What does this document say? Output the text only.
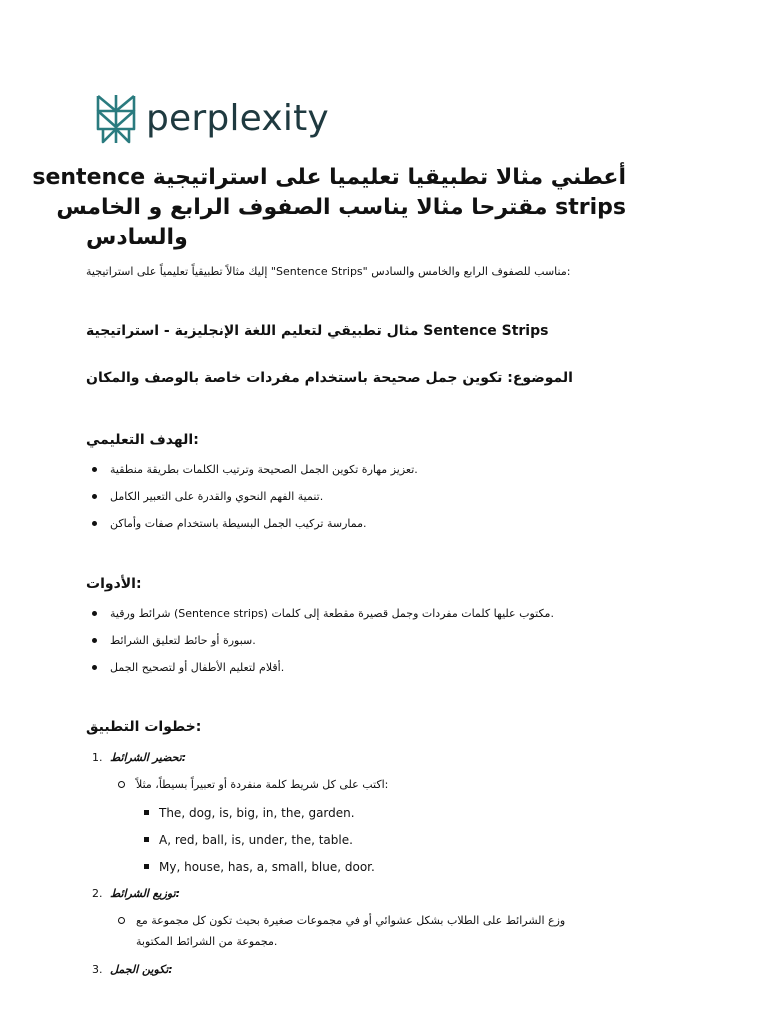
perplexity
أعطني مثالا تطبيقيا تعليميا على استراتيجية sentence
strips مقترحا مثالا يناسب الصفوف الرابع و الخامس
والسادس
إليك مثالاً تطبيقياً تعليمياً على استراتيجية "Sentence Strips" مناسب للصفوف الرابع والخامس والسادس:
مثال تطبيقي لتعليم اللغة الإنجليزية - استراتيجية Sentence Strips
الموضوع: تكوين جمل صحيحة باستخدام مفردات خاصة بالوصف والمكان
الهدف التعليمي:
تعزيز مهارة تكوين الجمل الصحيحة وترتيب الكلمات بطريقة منطقية.
تنمية الفهم النحوي والقدرة على التعبير الكامل.
ممارسة تركيب الجمل البسيطة باستخدام صفات وأماكن.
الأدوات:
شرائط ورقية (Sentence strips) مكتوب عليها كلمات مفردات وجمل قصيرة مقطعة إلى كلمات.
سبورة أو حائط لتعليق الشرائط.
أقلام لتعليم الأطفال أو لتصحيح الجمل.
خطوات التطبيق:
1. تحضير الشرائط:
اكتب على كل شريط كلمة منفردة أو تعبيراً بسيطاً، مثلاً:
The, dog, is, big, in, the, garden.
A, red, ball, is, under, the, table.
My, house, has, a, small, blue, door.
2. توزيع الشرائط:
وزع الشرائط على الطلاب بشكل عشوائي أو في مجموعات صغيرة بحيث تكون كل مجموعة مع
مجموعة من الشرائط المكتوبة.
3. تكوين الجمل:
